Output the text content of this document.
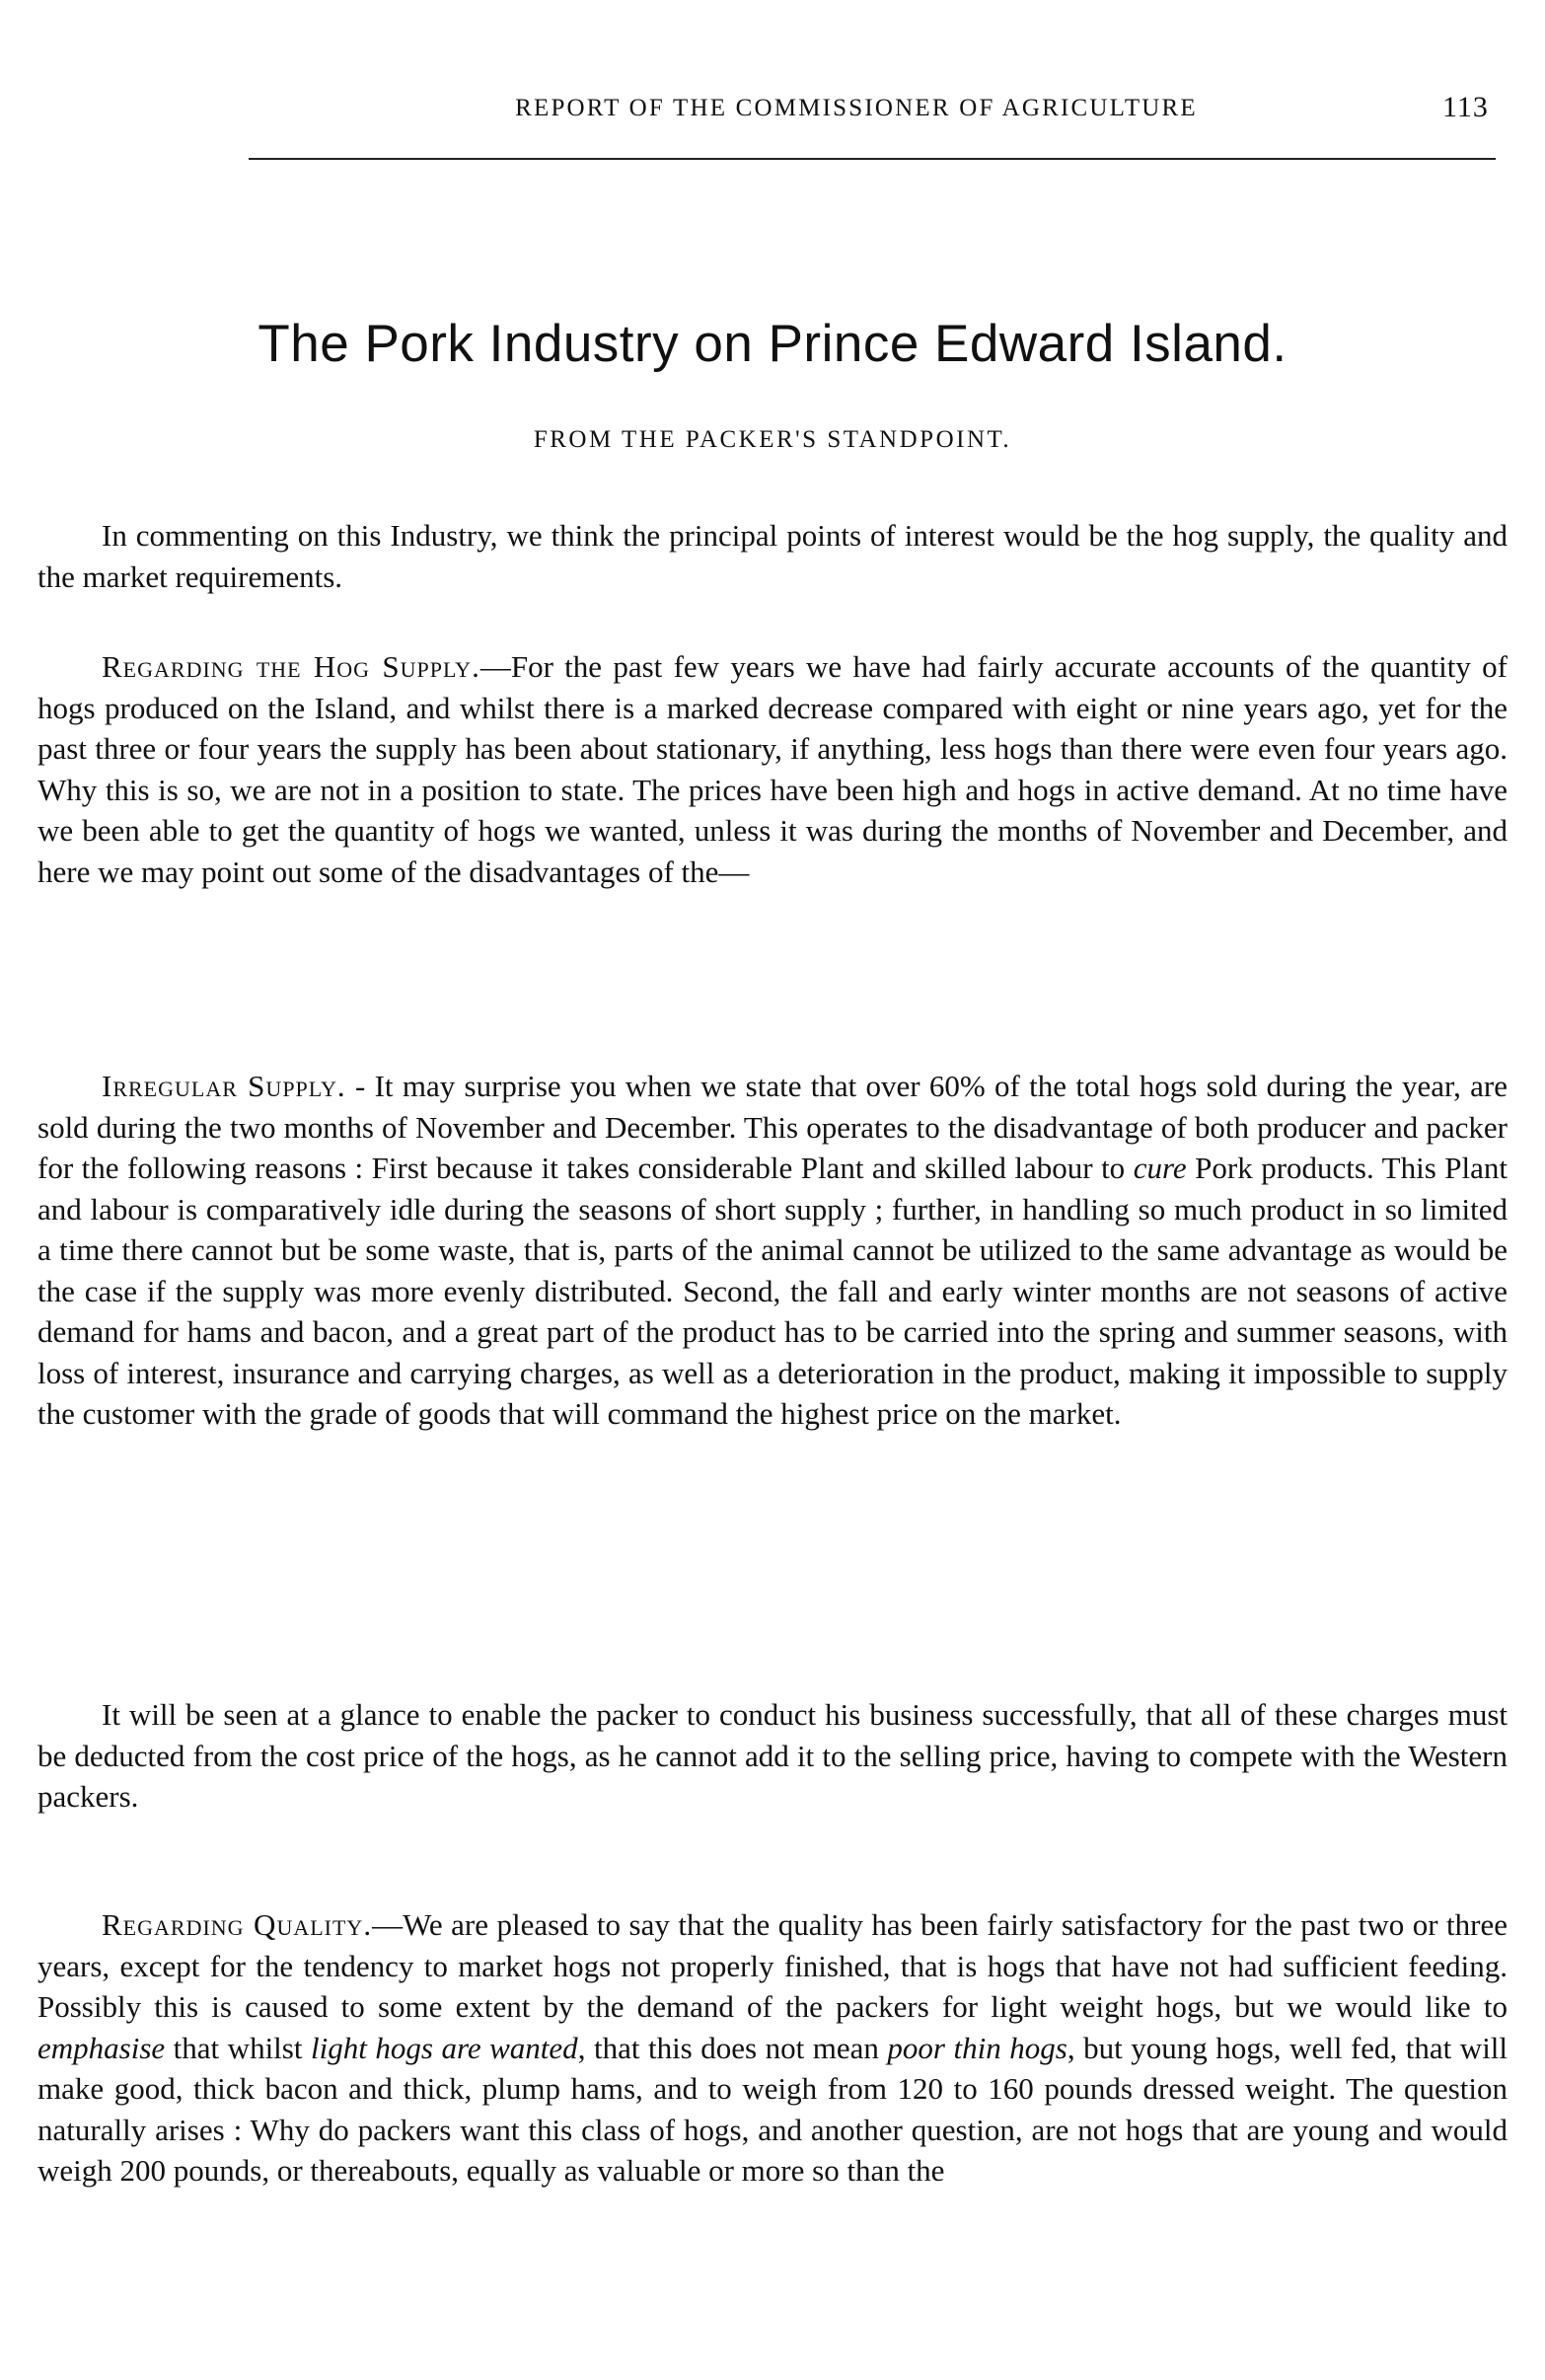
REPORT OF THE COMMISSIONER OF AGRICULTURE	113
The Pork Industry on Prince Edward Island.
FROM THE PACKER'S STANDPOINT.

In commenting on this Industry, we think the principal points of interest would be the hog supply, the quality and the market requirements.

Regarding the Hog Supply.—For the past few years we have had fairly accurate accounts of the quantity of hogs produced on the Island, and whilst there is a marked decrease compared with eight or nine years ago, yet for the past three or four years the supply has been about stationary, if anything, less hogs than there were even four years ago. Why this is so, we are not in a position to state. The prices have been high and hogs in active demand. At no time have we been able to get the quantity of hogs we wanted, unless it was during the months of November and December, and here we may point out some of the disadvantages of the—

Irregular Supply. - It may surprise you when we state that over 60% of the total hogs sold during the year, are sold during the two months of November and December. This operates to the disadvantage of both producer and packer for the following reasons : First because it takes considerable Plant and skilled labour to cure Pork products. This Plant and labour is comparatively idle during the seasons of short supply ; further, in handling so much product in so limited a time there cannot but be some waste, that is, parts of the animal cannot be utilized to the same advantage as would be the case if the supply was more evenly distributed. Second, the fall and early winter months are not seasons of active demand for hams and bacon, and a great part of the product has to be carried into the spring and summer seasons, with loss of interest, insurance and carrying charges, as well as a deterioration in the product, making it impossible to supply the customer with the grade of goods that will command the highest price on the market.

It will be seen at a glance to enable the packer to conduct his business successfully, that all of these charges must be deducted from the cost price of the hogs, as he cannot add it to the selling price, having to compete with the Western packers.

Regarding Quality.—We are pleased to say that the quality has been fairly satisfactory for the past two or three years, except for the tendency to market hogs not properly finished, that is hogs that have not had sufficient feeding. Possibly this is caused to some extent by the demand of the packers for light weight hogs, but we would like to emphasise that whilst light hogs are wanted, that this does not mean poor thin hogs, but young hogs, well fed, that will make good, thick bacon and thick, plump hams, and to weigh from 120 to 160 pounds dressed weight. The question naturally arises : Why do packers want this class of hogs, and another question, are not hogs that are young and would weigh 200 pounds, or thereabouts, equally as valuable or more so than the
